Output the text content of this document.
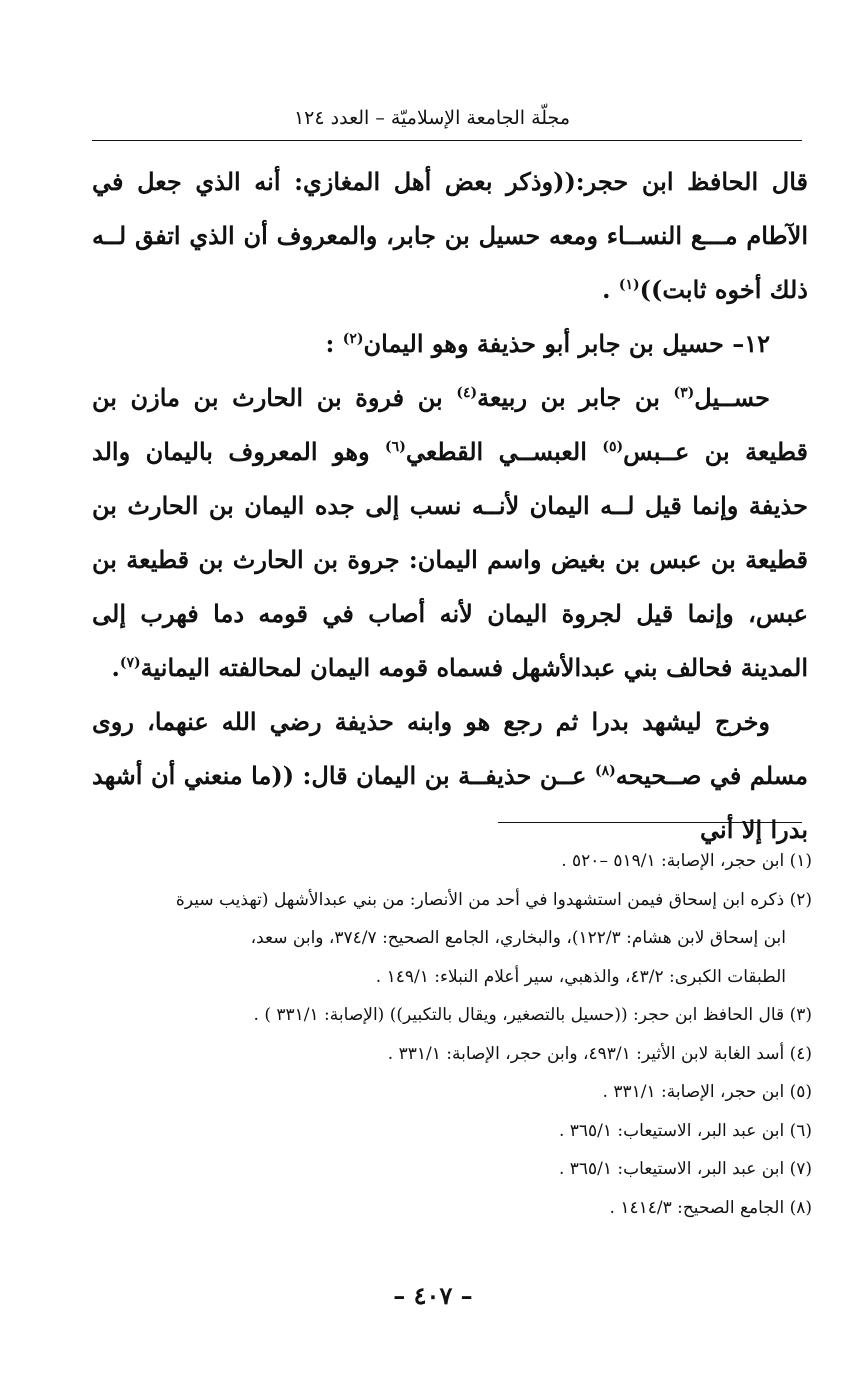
مجلّة الجامعة الإسلاميّة – العدد ١٢٤

قال الحافظ ابن حجر:((وذكر بعض أهل المغازي: أنه الذي جعل في الآطام مـــع النســاء ومعه حسيل بن جابر، والمعروف أن الذي اتفق لــه ذلك أخوه ثابت))$^{(١)}$ .

١٢– حسيل بن جابر أبو حذيفة وهو اليمان$^{(٢)}$ :

حســيل$^{(٣)}$ بن جابر بن ربيعة$^{(٤)}$ بن فروة بن الحارث بن مازن بن قطيعة بن عــبس$^{(٥)}$ العبســي القطعي$^{(٦)}$ وهو المعروف باليمان والد حذيفة وإنما قيل لــه اليمان لأنــه نسب إلى جده اليمان بن الحارث بن قطيعة بن عبس بن بغيض واسم اليمان: جروة بن الحارث بن قطيعة بن عبس، وإنما قيل لجروة اليمان لأنه أصاب في قومه دما فهرب إلى المدينة فحالف بني عبدالأشهل فسماه قومه اليمان لمحالفته اليمانية$^{(٧)}$.

وخرج ليشهد بدرا ثم رجع هو وابنه حذيفة رضي الله عنهما، روى مسلم في صــحيحه$^{(٨)}$ عــن حذيفــة بن اليمان قال: ((ما منعني أن أشهد بدرا إلا أني

(١) ابن حجر، الإصابة: ٥١٩/١ –٥٢٠ .

(٢) ذكره ابن إسحاق فيمن استشهدوا في أحد من الأنصار: من بني عبدالأشهل (تهذيب سيرة

ابن إسحاق لابن هشام: ١٢٢/٣)، والبخاري، الجامع الصحيح: ٣٧٤/٧، وابن سعد،

الطبقات الكبرى: ٤٣/٢، والذهبي، سير أعلام النبلاء: ١٤٩/١ .

(٣) قال الحافظ ابن حجر: ((حسيل بالتصغير، ويقال بالتكبير)) (الإصابة: ٣٣١/١ ) .

(٤) أسد الغابة لابن الأثير: ٤٩٣/١، وابن حجر، الإصابة: ٣٣١/١ .

(٥) ابن حجر، الإصابة: ٣٣١/١ .

(٦) ابن عبد البر، الاستيعاب: ٣٦٥/١ .

(٧) ابن عبد البر، الاستيعاب: ٣٦٥/١ .

(٨) الجامع الصحيح: ١٤١٤/٣ .

– ٤٠٧ –
